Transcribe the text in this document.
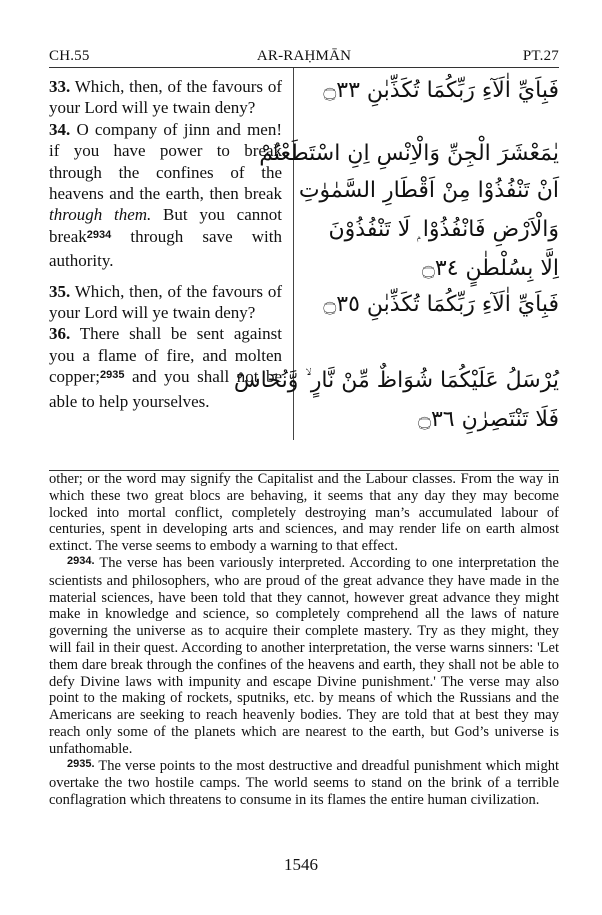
AR-RAḤMĀN
CH.55	PT.27

33. Which, then, of the favours of your Lord will ye twain deny?

34. O company of jinn and men! if you have power to break through the confines of the heavens and the earth, then break through them. But you cannot break$^{2934}$ through save with authority.

35. Which, then, of the favours of your Lord will ye twain deny?

36. There shall be sent against you a flame of fire, and molten copper;$^{2935}$ and you shall not be able to help yourselves.

فَبِاَيِّ اٰلَآءِ رَبِّكُمَا تُكَذِّبٰنِ ۝٣٣
يٰمَعْشَرَ الْجِنِّ وَالْاِنْسِ اِنِ اسْتَطَعْتُمْ
اَنْ تَنْفُذُوْا مِنْ اَقْطَارِ السَّمٰوٰتِ
وَالْاَرْضِ فَانْفُذُوْا ۭ لَا تَنْفُذُوْنَ
اِلَّا بِسُلْطٰنٍ ۝٣٤
فَبِاَيِّ اٰلَآءِ رَبِّكُمَا تُكَذِّبٰنِ ۝٣٥
يُرْسَلُ عَلَيْكُمَا شُوَاظٌ مِّنْ نَّارٍ ۙ وَّنُحَاسٌ
فَلَا تَنْتَصِرٰنِ ۝٣٦

other; or the word may signify the Capitalist and the Labour classes. From the way in which these two great blocs are behaving, it seems that any day they may become locked into mortal conflict, completely destroying man’s accumulated labour of centuries, spent in developing arts and sciences, and may render life on earth almost extinct. The verse seems to embody a warning to that effect.

$^{2934.}$ The verse has been variously interpreted. According to one interpretation the scientists and philosophers, who are proud of the great advance they have made in the material sciences, have been told that they cannot, however great advance they might make in knowledge and science, so completely comprehend all the laws of nature governing the universe as to acquire their complete mastery. Try as they might, they will fail in their quest. According to another interpretation, the verse warns sinners: 'Let them dare break through the confines of the heavens and earth, they shall not be able to defy Divine laws with impunity and escape Divine punishment.' The verse may also point to the making of rockets, sputniks, etc. by means of which the Russians and the Americans are seeking to reach heavenly bodies. They are told that at best they may reach only some of the planets which are nearest to the earth, but God’s universe is unfathomable.

$^{2935.}$ The verse points to the most destructive and dreadful punishment which might overtake the two hostile camps. The world seems to stand on the brink of a terrible conflagration which threatens to consume in its flames the entire human civilization.

1546
